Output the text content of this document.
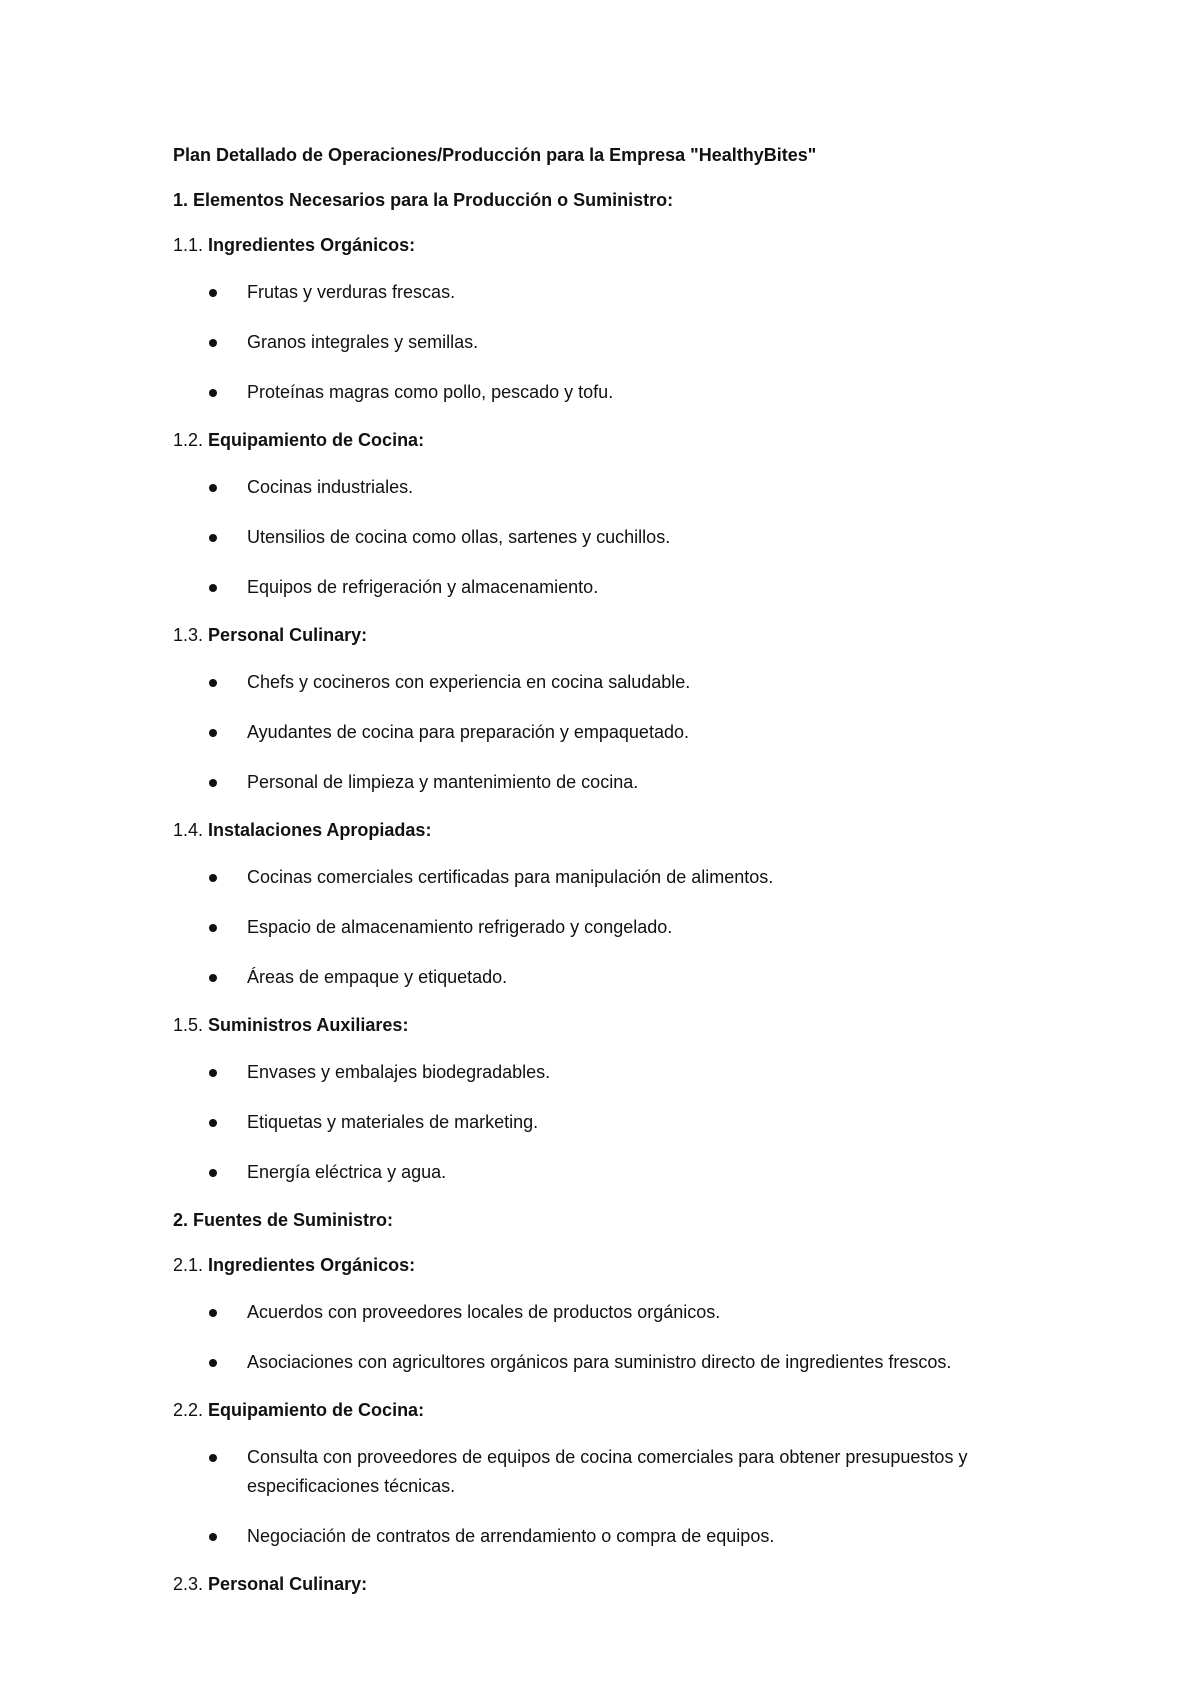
Plan Detallado de Operaciones/Producción para la Empresa "HealthyBites"

1. Elementos Necesarios para la Producción o Suministro:

1.1. Ingredientes Orgánicos:

Frutas y verduras frescas.
Granos integrales y semillas.
Proteínas magras como pollo, pescado y tofu.

1.2. Equipamiento de Cocina:

Cocinas industriales.
Utensilios de cocina como ollas, sartenes y cuchillos.
Equipos de refrigeración y almacenamiento.

1.3. Personal Culinary:

Chefs y cocineros con experiencia en cocina saludable.
Ayudantes de cocina para preparación y empaquetado.
Personal de limpieza y mantenimiento de cocina.

1.4. Instalaciones Apropiadas:

Cocinas comerciales certificadas para manipulación de alimentos.
Espacio de almacenamiento refrigerado y congelado.
Áreas de empaque y etiquetado.

1.5. Suministros Auxiliares:

Envases y embalajes biodegradables.
Etiquetas y materiales de marketing.
Energía eléctrica y agua.

2. Fuentes de Suministro:

2.1. Ingredientes Orgánicos:

Acuerdos con proveedores locales de productos orgánicos.
Asociaciones con agricultores orgánicos para suministro directo de ingredientes frescos.

2.2. Equipamiento de Cocina:

Consulta con proveedores de equipos de cocina comerciales para obtener presupuestos y especificaciones técnicas.
Negociación de contratos de arrendamiento o compra de equipos.

2.3. Personal Culinary:
